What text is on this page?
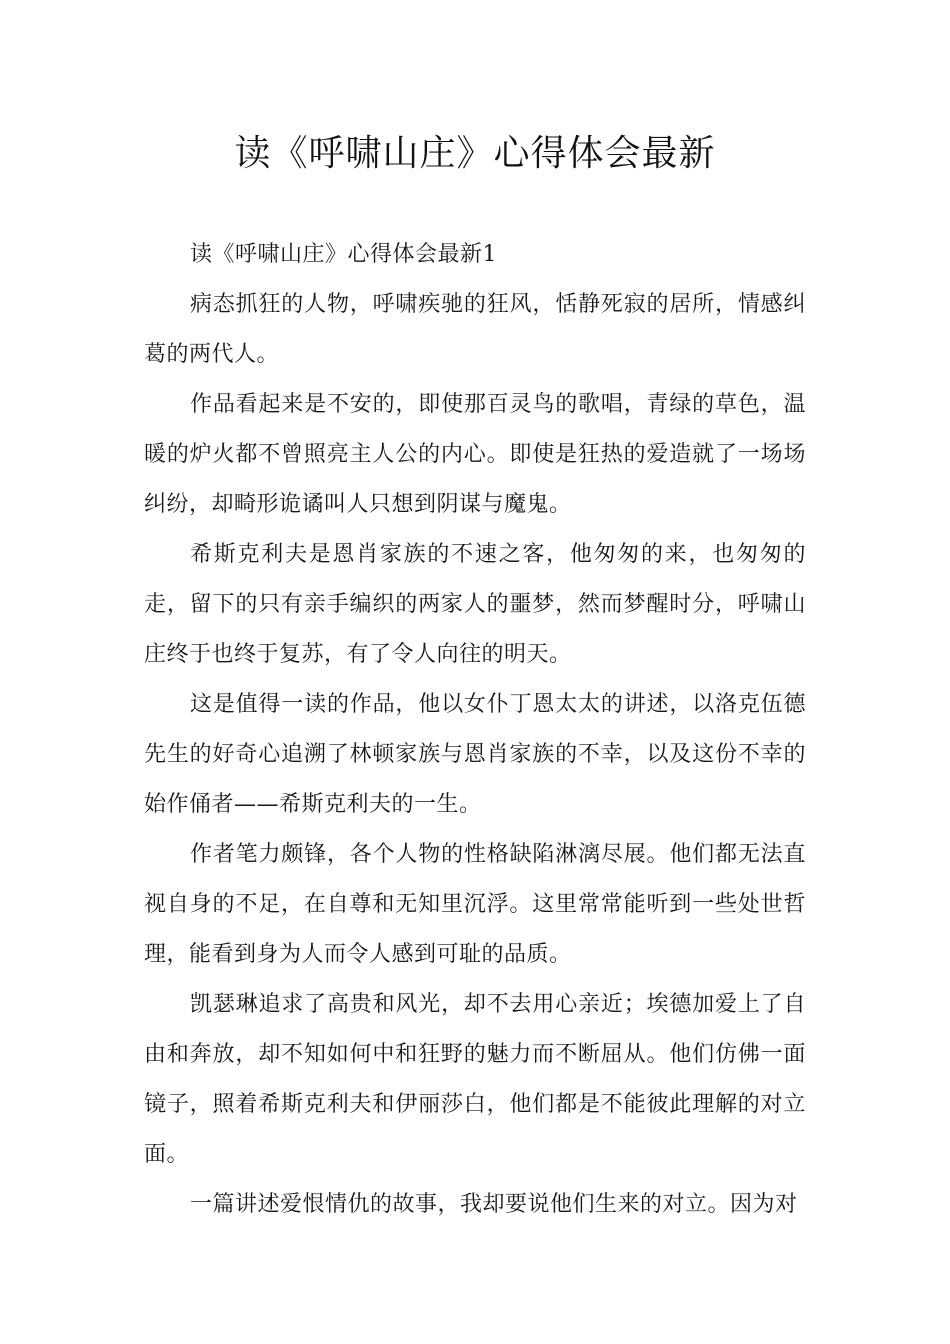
读《呼啸山庄》心得体会最新

读《呼啸山庄》心得体会最新1

病态抓狂的人物，呼啸疾驰的狂风，恬静死寂的居所，情感纠葛的两代人。

作品看起来是不安的，即使那百灵鸟的歌唱，青绿的草色，温暖的炉火都不曾照亮主人公的内心。即使是狂热的爱造就了一场场纠纷，却畸形诡谲叫人只想到阴谋与魔鬼。

希斯克利夫是恩肖家族的不速之客，他匆匆的来，也匆匆的走，留下的只有亲手编织的两家人的噩梦，然而梦醒时分，呼啸山庄终于也终于复苏，有了令人向往的明天。

这是值得一读的作品，他以女仆丁恩太太的讲述，以洛克伍德先生的好奇心追溯了林顿家族与恩肖家族的不幸，以及这份不幸的始作俑者——希斯克利夫的一生。

作者笔力颇锋，各个人物的性格缺陷淋漓尽展。他们都无法直视自身的不足，在自尊和无知里沉浮。这里常常能听到一些处世哲理，能看到身为人而令人感到可耻的品质。

凯瑟琳追求了高贵和风光，却不去用心亲近；埃德加爱上了自由和奔放，却不知如何中和狂野的魅力而不断屈从。他们仿佛一面镜子，照着希斯克利夫和伊丽莎白，他们都是不能彼此理解的对立面。

一篇讲述爱恨情仇的故事，我却要说他们生来的对立。因为对
